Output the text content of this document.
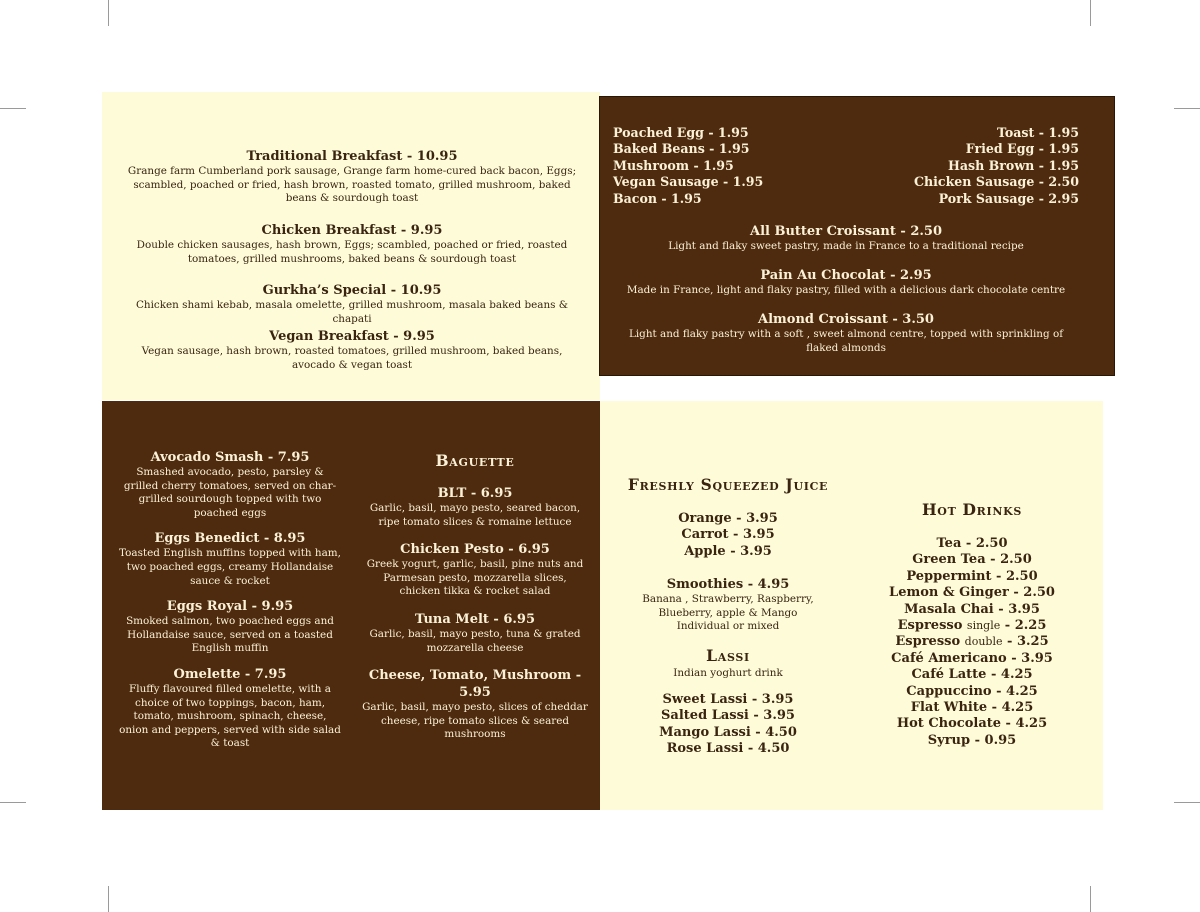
Traditional Breakfast - 10.95
Grange farm Cumberland pork sausage, Grange farm home-cured back bacon, Eggs; scambled, poached or fried, hash brown, roasted tomato, grilled mushroom, baked beans & sourdough toast
Chicken Breakfast - 9.95
Double chicken sausages, hash brown, Eggs; scambled, poached or fried, roasted tomatoes, grilled mushrooms, baked beans & sourdough toast
Gurkha’s Special - 10.95
Chicken shami kebab, masala omelette, grilled mushroom, masala baked beans & chapati
Vegan Breakfast - 9.95
Vegan sausage, hash brown, roasted tomatoes, grilled mushroom, baked beans, avocado & vegan toast
Poached Egg - 1.95
Baked Beans - 1.95
Mushroom - 1.95
Vegan Sausage - 1.95
Bacon - 1.95
Toast - 1.95
Fried Egg - 1.95
Hash Brown - 1.95
Chicken Sausage - 2.50
Pork Sausage - 2.95
All Butter Croissant - 2.50
Light and flaky sweet pastry, made in France to a traditional recipe
Pain Au Chocolat - 2.95
Made in France, light and flaky pastry, filled with a delicious dark chocolate centre
Almond Croissant - 3.50
Light and flaky pastry with a soft , sweet almond centre, topped with sprinkling of flaked almonds
Avocado Smash - 7.95
Smashed avocado, pesto, parsley & grilled cherry tomatoes, served on char- grilled sourdough topped with two poached eggs
Eggs Benedict - 8.95
Toasted English muffins topped with ham, two poached eggs, creamy Hollandaise sauce & rocket
Eggs Royal - 9.95
Smoked salmon, two poached eggs and Hollandaise sauce, served on a toasted English muffin
Omelette - 7.95
Fluffy flavoured filled omelette, with a choice of two toppings, bacon, ham, tomato, mushroom, spinach, cheese, onion and peppers, served with side salad & toast
Baguette
BLT - 6.95
Garlic, basil, mayo pesto, seared bacon, ripe tomato slices & romaine lettuce
Chicken Pesto - 6.95
Greek yogurt, garlic, basil, pine nuts and Parmesan pesto, mozzarella slices, chicken tikka & rocket salad
Tuna Melt - 6.95
Garlic, basil, mayo pesto, tuna & grated mozzarella cheese
Cheese, Tomato, Mushroom - 5.95
Garlic, basil, mayo pesto, slices of cheddar cheese, ripe tomato slices & seared mushrooms
Freshly Squeezed Juice
Orange - 3.95
Carrot - 3.95
Apple - 3.95
Smoothies - 4.95
Banana , Strawberry, Raspberry, Blueberry, apple & Mango
Individual or mixed
Lassi
Indian yoghurt drink
Sweet Lassi - 3.95
Salted Lassi - 3.95
Mango Lassi - 4.50
Rose Lassi - 4.50
Hot Drinks
Tea - 2.50
Green Tea - 2.50
Peppermint - 2.50
Lemon & Ginger - 2.50
Masala Chai - 3.95
Espresso single - 2.25
Espresso double - 3.25
Café Americano - 3.95
Café Latte - 4.25
Cappuccino - 4.25
Flat White - 4.25
Hot Chocolate - 4.25
Syrup - 0.95
